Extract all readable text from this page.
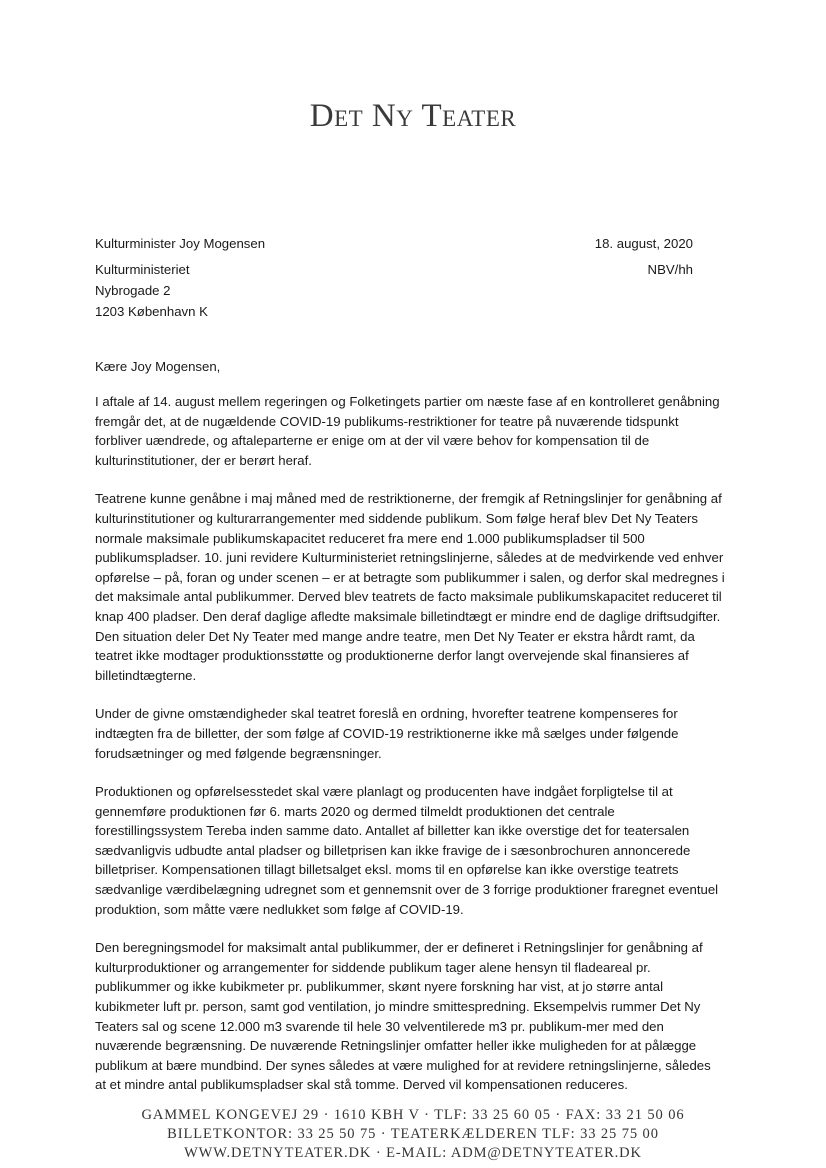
Det Ny Teater
Kulturminister Joy Mogensen
Kulturministeriet
Nybrogade 2
1203 København K
18. august, 2020
NBV/hh
Kære Joy Mogensen,

I aftale af 14. august mellem regeringen og Folketingets partier om næste fase af en kontrolleret genåbning fremgår det, at de nugældende COVID-19 publikums-restriktioner for teatre på nuværende tidspunkt forbliver uændrede, og aftaleparterne er enige om at der vil være behov for kompensation til de kulturinstitutioner, der er berørt heraf.

Teatrene kunne genåbne i maj måned med de restriktionerne, der fremgik af Retningslinjer for genåbning af kulturinstitutioner og kulturarrangementer med siddende publikum. Som følge heraf blev Det Ny Teaters normale maksimale publikumskapacitet reduceret fra mere end 1.000 publikumspladser til 500 publikumspladser. 10. juni revidere Kulturministeriet retningslinjerne, således at de medvirkende ved enhver opførelse – på, foran og under scenen – er at betragte som publikummer i salen, og derfor skal medregnes i det maksimale antal publikummer. Derved blev teatrets de facto maksimale publikumskapacitet reduceret til knap 400 pladser. Den deraf daglige afledte maksimale billetindtægt er mindre end de daglige driftsudgifter. Den situation deler Det Ny Teater med mange andre teatre, men Det Ny Teater er ekstra hårdt ramt, da teatret ikke modtager produktionsstøtte og produktionerne derfor langt overvejende skal finansieres af billetindtægterne.

Under de givne omstændigheder skal teatret foreslå en ordning, hvorefter teatrene kompenseres for indtægten fra de billetter, der som følge af COVID-19 restriktionerne ikke må sælges under følgende forudsætninger og med følgende begrænsninger.

Produktionen og opførelsesstedet skal være planlagt og producenten have indgået forpligtelse til at gennemføre produktionen før 6. marts 2020 og dermed tilmeldt produktionen det centrale forestillingssystem Tereba inden samme dato. Antallet af billetter kan ikke overstige det for teatersalen sædvanligvis udbudte antal pladser og billetprisen kan ikke fravige de i sæsonbrochuren annoncerede billetpriser. Kompensationen tillagt billetsalget eksl. moms til en opførelse kan ikke overstige teatrets sædvanlige værdibelægning udregnet som et gennemsnit over de 3 forrige produktioner fraregnet eventuel produktion, som måtte være nedlukket som følge af COVID-19.

Den beregningsmodel for maksimalt antal publikummer, der er defineret i Retningslinjer for genåbning af kulturproduktioner og arrangementer for siddende publikum tager alene hensyn til fladeareal pr. publikummer og ikke kubikmeter pr. publikummer, skønt nyere forskning har vist, at jo større antal kubikmeter luft pr. person, samt god ventilation, jo mindre smittespredning. Eksempelvis rummer Det Ny Teaters sal og scene 12.000 m3 svarende til hele 30 velventilerede m3 pr. publikum-mer med den nuværende begrænsning. De nuværende Retningslinjer omfatter heller ikke muligheden for at pålægge publikum at bære mundbind. Der synes således at være mulighed for at revidere retningslinjerne, således at et mindre antal publikumspladser skal stå tomme. Derved vil kompensationen reduceres.

GAMMEL KONGEVEJ 29 · 1610 KBH V · TLF: 33 25 60 05 · FAX: 33 21 50 06
BILLETKONTOR: 33 25 50 75 · TEATERKÆLDEREN TLF: 33 25 75 00
WWW.DETNYTEATER.DK · E-MAIL: ADM@DETNYTEATER.DK
